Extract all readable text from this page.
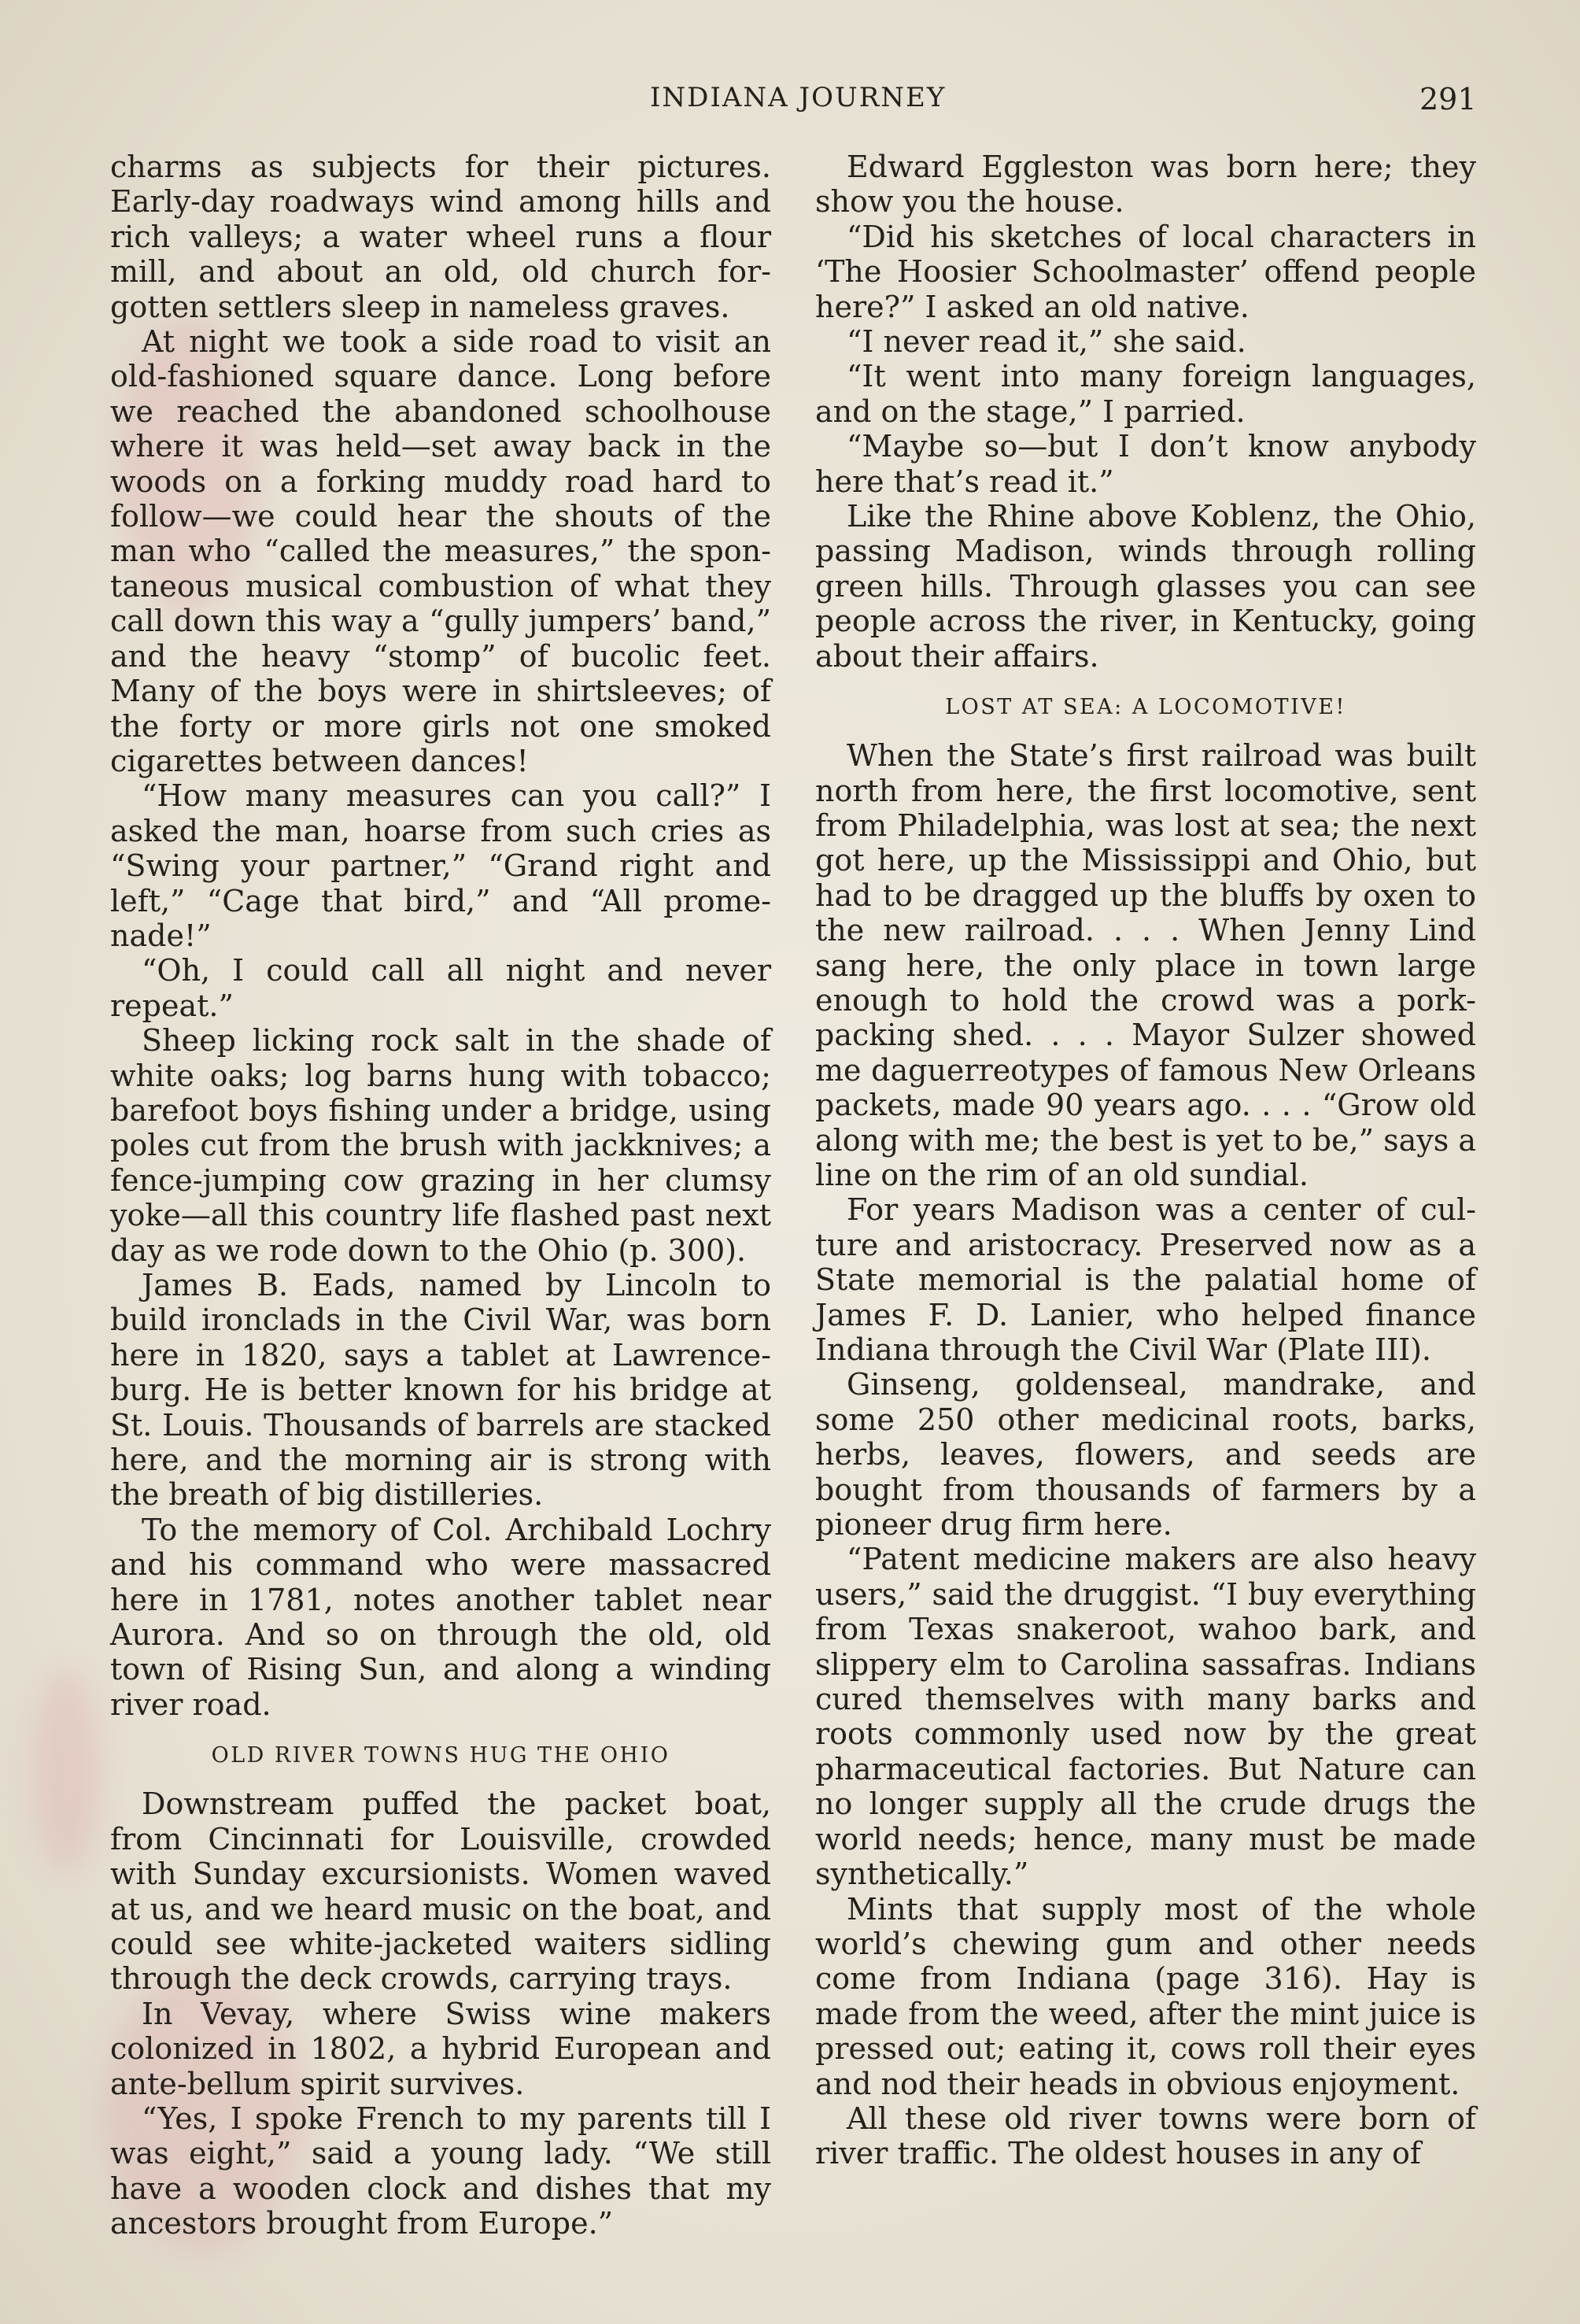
INDIANA JOURNEY	291

charms as subjects for their pictures. Early-day roadways wind among hills and rich valleys; a water wheel runs a flour mill, and about an old, old church forgotten settlers sleep in nameless graves.

At night we took a side road to visit an old-fashioned square dance. Long before we reached the abandoned schoolhouse where it was held—set away back in the woods on a forking muddy road hard to follow—we could hear the shouts of the man who “called the measures,” the spontaneous musical combustion of what they call down this way a “gully jumpers’ band,” and the heavy “stomp” of bucolic feet. Many of the boys were in shirtsleeves; of the forty or more girls not one smoked cigarettes between dances!

“How many measures can you call?” I asked the man, hoarse from such cries as “Swing your partner,” “Grand right and left,” “Cage that bird,” and “All promenade!”

“Oh, I could call all night and never repeat.”

Sheep licking rock salt in the shade of white oaks; log barns hung with tobacco; barefoot boys fishing under a bridge, using poles cut from the brush with jackknives; a fence-jumping cow grazing in her clumsy yoke—all this country life flashed past next day as we rode down to the Ohio (p. 300).

James B. Eads, named by Lincoln to build ironclads in the Civil War, was born here in 1820, says a tablet at Lawrenceburg. He is better known for his bridge at St. Louis. Thousands of barrels are stacked here, and the morning air is strong with the breath of big distilleries.

To the memory of Col. Archibald Lochry and his command who were massacred here in 1781, notes another tablet near Aurora. And so on through the old, old town of Rising Sun, and along a winding river road.

OLD RIVER TOWNS HUG THE OHIO

Downstream puffed the packet boat, from Cincinnati for Louisville, crowded with Sunday excursionists. Women waved at us, and we heard music on the boat, and could see white-jacketed waiters sidling through the deck crowds, carrying trays.

In Vevay, where Swiss wine makers colonized in 1802, a hybrid European and ante-bellum spirit survives.

“Yes, I spoke French to my parents till I was eight,” said a young lady. “We still have a wooden clock and dishes that my ancestors brought from Europe.”

Edward Eggleston was born here; they show you the house.

“Did his sketches of local characters in ‘The Hoosier Schoolmaster’ offend people here?” I asked an old native.

“I never read it,” she said.

“It went into many foreign languages, and on the stage,” I parried.

“Maybe so—but I don’t know anybody here that’s read it.”

Like the Rhine above Koblenz, the Ohio, passing Madison, winds through rolling green hills. Through glasses you can see people across the river, in Kentucky, going about their affairs.

LOST AT SEA: A LOCOMOTIVE!

When the State’s first railroad was built north from here, the first locomotive, sent from Philadelphia, was lost at sea; the next got here, up the Mississippi and Ohio, but had to be dragged up the bluffs by oxen to the new railroad. . . . When Jenny Lind sang here, the only place in town large enough to hold the crowd was a pork-packing shed. . . . Mayor Sulzer showed me daguerreotypes of famous New Orleans packets, made 90 years ago. . . . “Grow old along with me; the best is yet to be,” says a line on the rim of an old sundial.

For years Madison was a center of culture and aristocracy. Preserved now as a State memorial is the palatial home of James F. D. Lanier, who helped finance Indiana through the Civil War (Plate III).

Ginseng, goldenseal, mandrake, and some 250 other medicinal roots, barks, herbs, leaves, flowers, and seeds are bought from thousands of farmers by a pioneer drug firm here.

“Patent medicine makers are also heavy users,” said the druggist. “I buy everything from Texas snakeroot, wahoo bark, and slippery elm to Carolina sassafras. Indians cured themselves with many barks and roots commonly used now by the great pharmaceutical factories. But Nature can no longer supply all the crude drugs the world needs; hence, many must be made synthetically.”

Mints that supply most of the whole world’s chewing gum and other needs come from Indiana (page 316). Hay is made from the weed, after the mint juice is pressed out; eating it, cows roll their eyes and nod their heads in obvious enjoyment.

All these old river towns were born of river traffic. The oldest houses in any of
